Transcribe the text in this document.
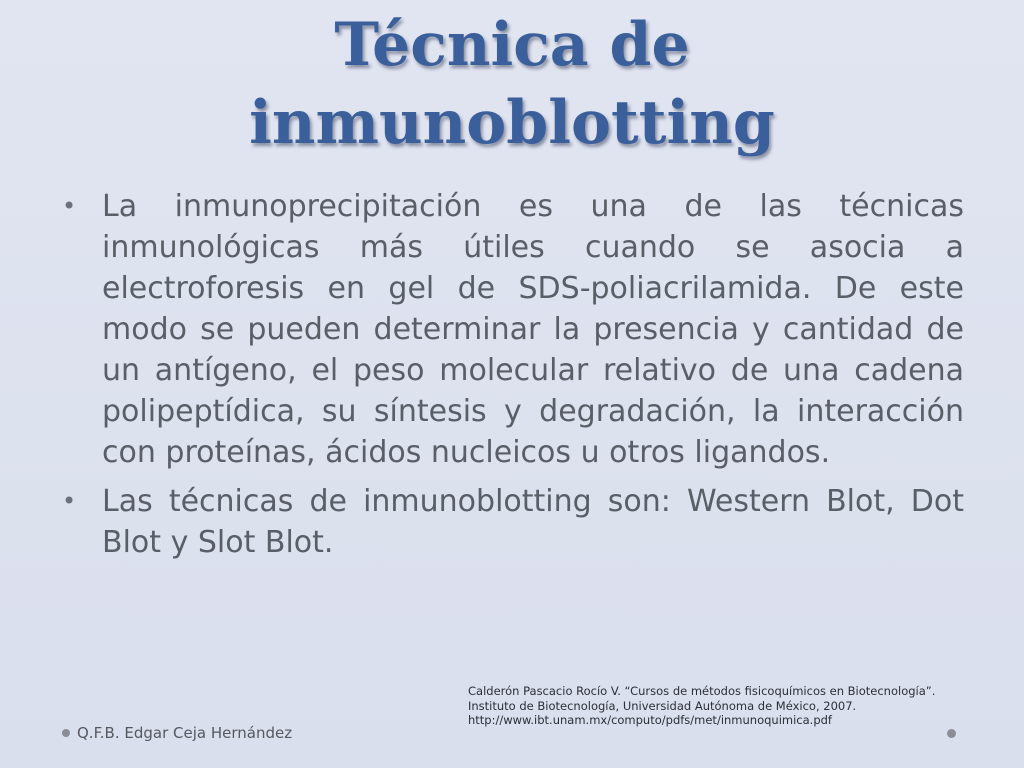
Técnica de
inmunoblotting
• La inmunoprecipitación es una de las técnicas inmunológicas más útiles cuando se asocia a electroforesis en gel de SDS-poliacrilamida. De este modo se pueden determinar la presencia y cantidad de un antígeno, el peso molecular relativo de una cadena polipeptídica, su síntesis y degradación, la interacción con proteínas, ácidos nucleicos u otros ligandos.
• Las técnicas de inmunoblotting son: Western Blot, Dot Blot y Slot Blot.
Calderón Pascacio Rocío V. “Cursos de métodos fisicoquímicos en Biotecnología”.
Instituto de Biotecnología, Universidad Autónoma de México, 2007.
http://www.ibt.unam.mx/computo/pdfs/met/inmunoquimica.pdf
Q.F.B. Edgar Ceja Hernández
